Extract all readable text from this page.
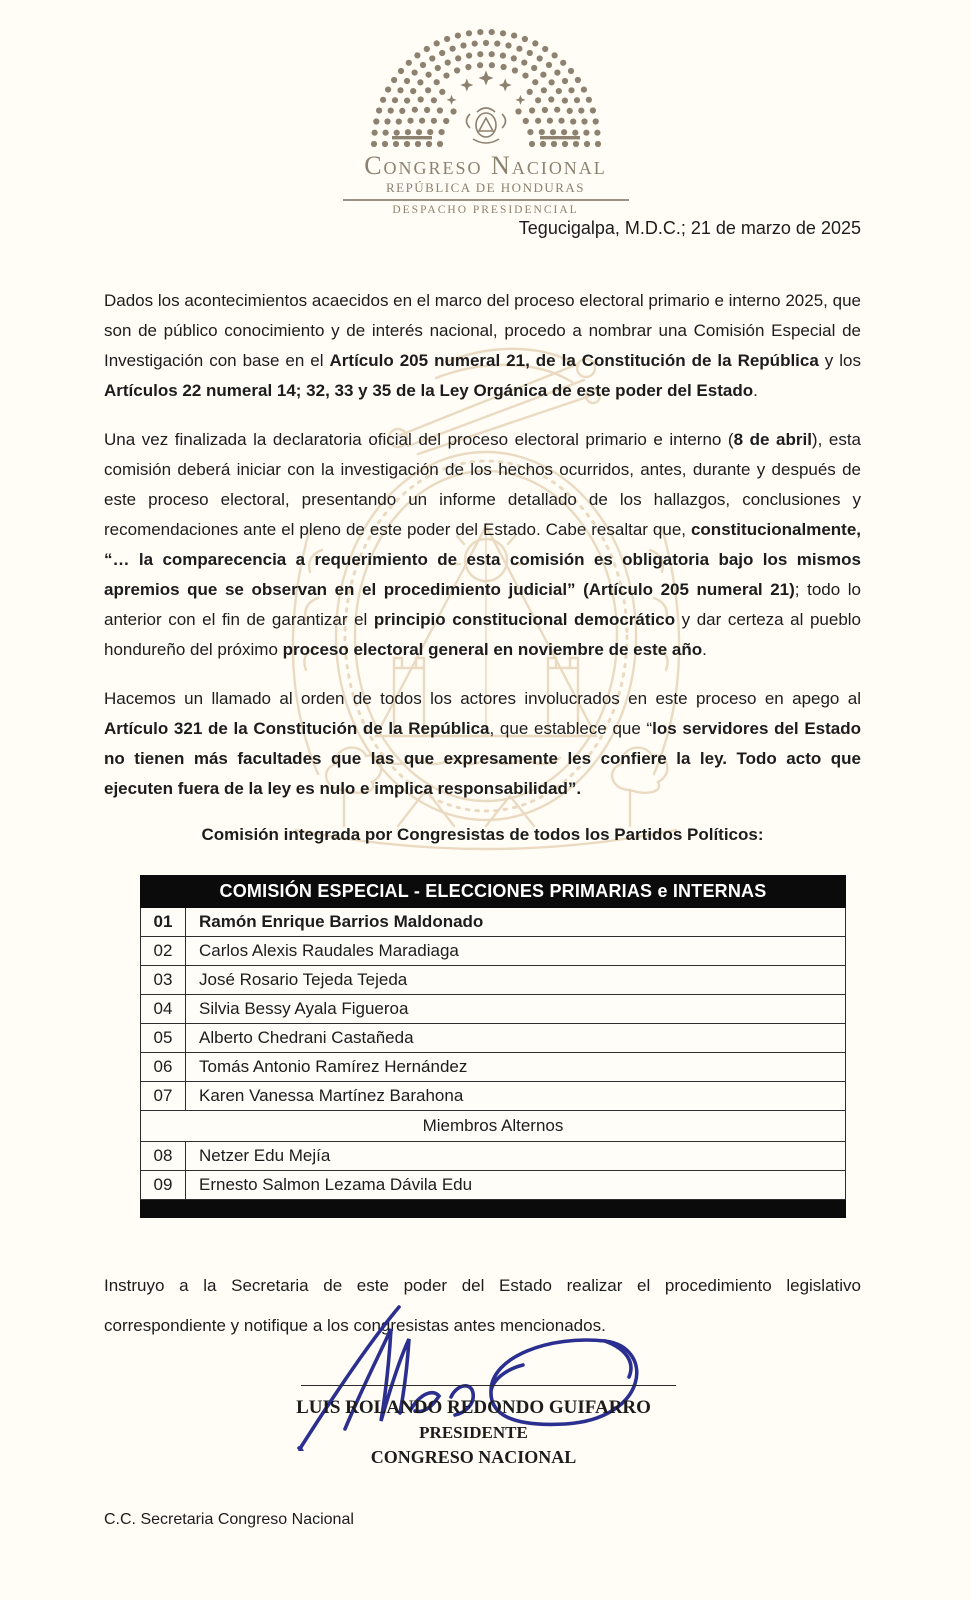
Congreso Nacional
REPÚBLICA DE HONDURAS
DESPACHO PRESIDENCIAL

Tegucigalpa, M.D.C.; 21 de marzo de 2025

Dados los acontecimientos acaecidos en el marco del proceso electoral primario e interno 2025, que son de público conocimiento y de interés nacional, procedo a nombrar una Comisión Especial de Investigación con base en el Artículo 205 numeral 21, de la Constitución de la República y los Artículos 22 numeral 14; 32, 33 y 35 de la Ley Orgánica de este poder del Estado.

Una vez finalizada la declaratoria oficial del proceso electoral primario e interno (8 de abril), esta comisión deberá iniciar con la investigación de los hechos ocurridos, antes, durante y después de este proceso electoral, presentando un informe detallado de los hallazgos, conclusiones y recomendaciones ante el pleno de este poder del Estado. Cabe resaltar que, constitucionalmente, “… la comparecencia a requerimiento de esta comisión es obligatoria bajo los mismos apremios que se observan en el procedimiento judicial” (Artículo 205 numeral 21); todo lo anterior con el fin de garantizar el principio constitucional democrático y dar certeza al pueblo hondureño del próximo proceso electoral general en noviembre de este año.

Hacemos un llamado al orden de todos los actores involucrados en este proceso en apego al Artículo 321 de la Constitución de la República, que establece que “los servidores del Estado no tienen más facultades que las que expresamente les confiere la ley. Todo acto que ejecuten fuera de la ley es nulo e implica responsabilidad”.

Comisión integrada por Congresistas de todos los Partidos Políticos:

COMISIÓN ESPECIAL - ELECCIONES PRIMARIAS e INTERNAS	
01	Ramón Enrique Barrios Maldonado
02	Carlos Alexis Raudales Maradiaga
03	José Rosario Tejeda Tejeda
04	Silvia Bessy Ayala Figueroa
05	Alberto Chedrani Castañeda
06	Tomás Antonio Ramírez Hernández
07	Karen Vanessa Martínez Barahona
Miembros Alternos	
08	Netzer Edu Mejía
09	Ernesto Salmon Lezama Dávila Edu

Instruyo a la Secretaria de este poder del Estado realizar el procedimiento legislativo correspondiente y notifique a los congresistas antes mencionados.

LUIS ROLANDO REDONDO GUIFARRO
PRESIDENTE
CONGRESO NACIONAL

C.C. Secretaria Congreso Nacional
